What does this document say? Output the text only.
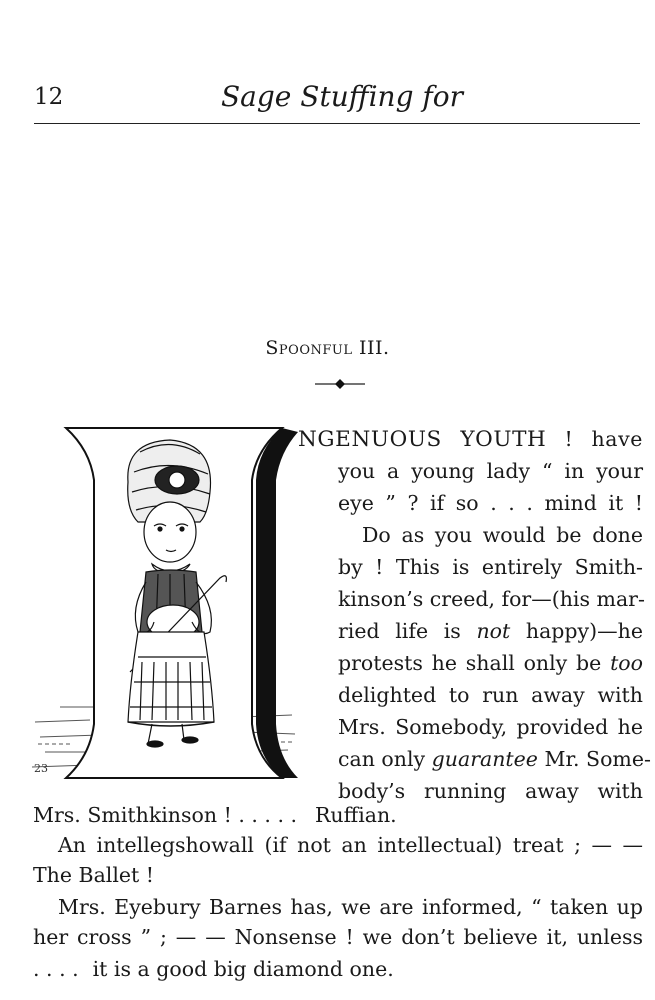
12	Sage Stuffing for
Spoonful III.
23
NGENUOUS YOUTH ! have
you a young lady “ in your
eye ” ? if so . . . mind it !
Do as you would be done
by ! This is entirely Smith-
kinson’s creed, for—(his mar-
ried life is not happy)—he
protests he shall only be too
delighted to run away with
Mrs. Somebody, provided he
can only guarantee Mr. Some-
body’s running away with
Mrs. Smithkinson ! . . . . . Ruffian.
An intellegshowall (if not an intellectual) treat ; — —
The Ballet !
Mrs. Eyebury Barnes has, we are informed, “ taken up
her cross ” ; — — Nonsense ! we don’t believe it, unless
. . . . it is a good big diamond one.
